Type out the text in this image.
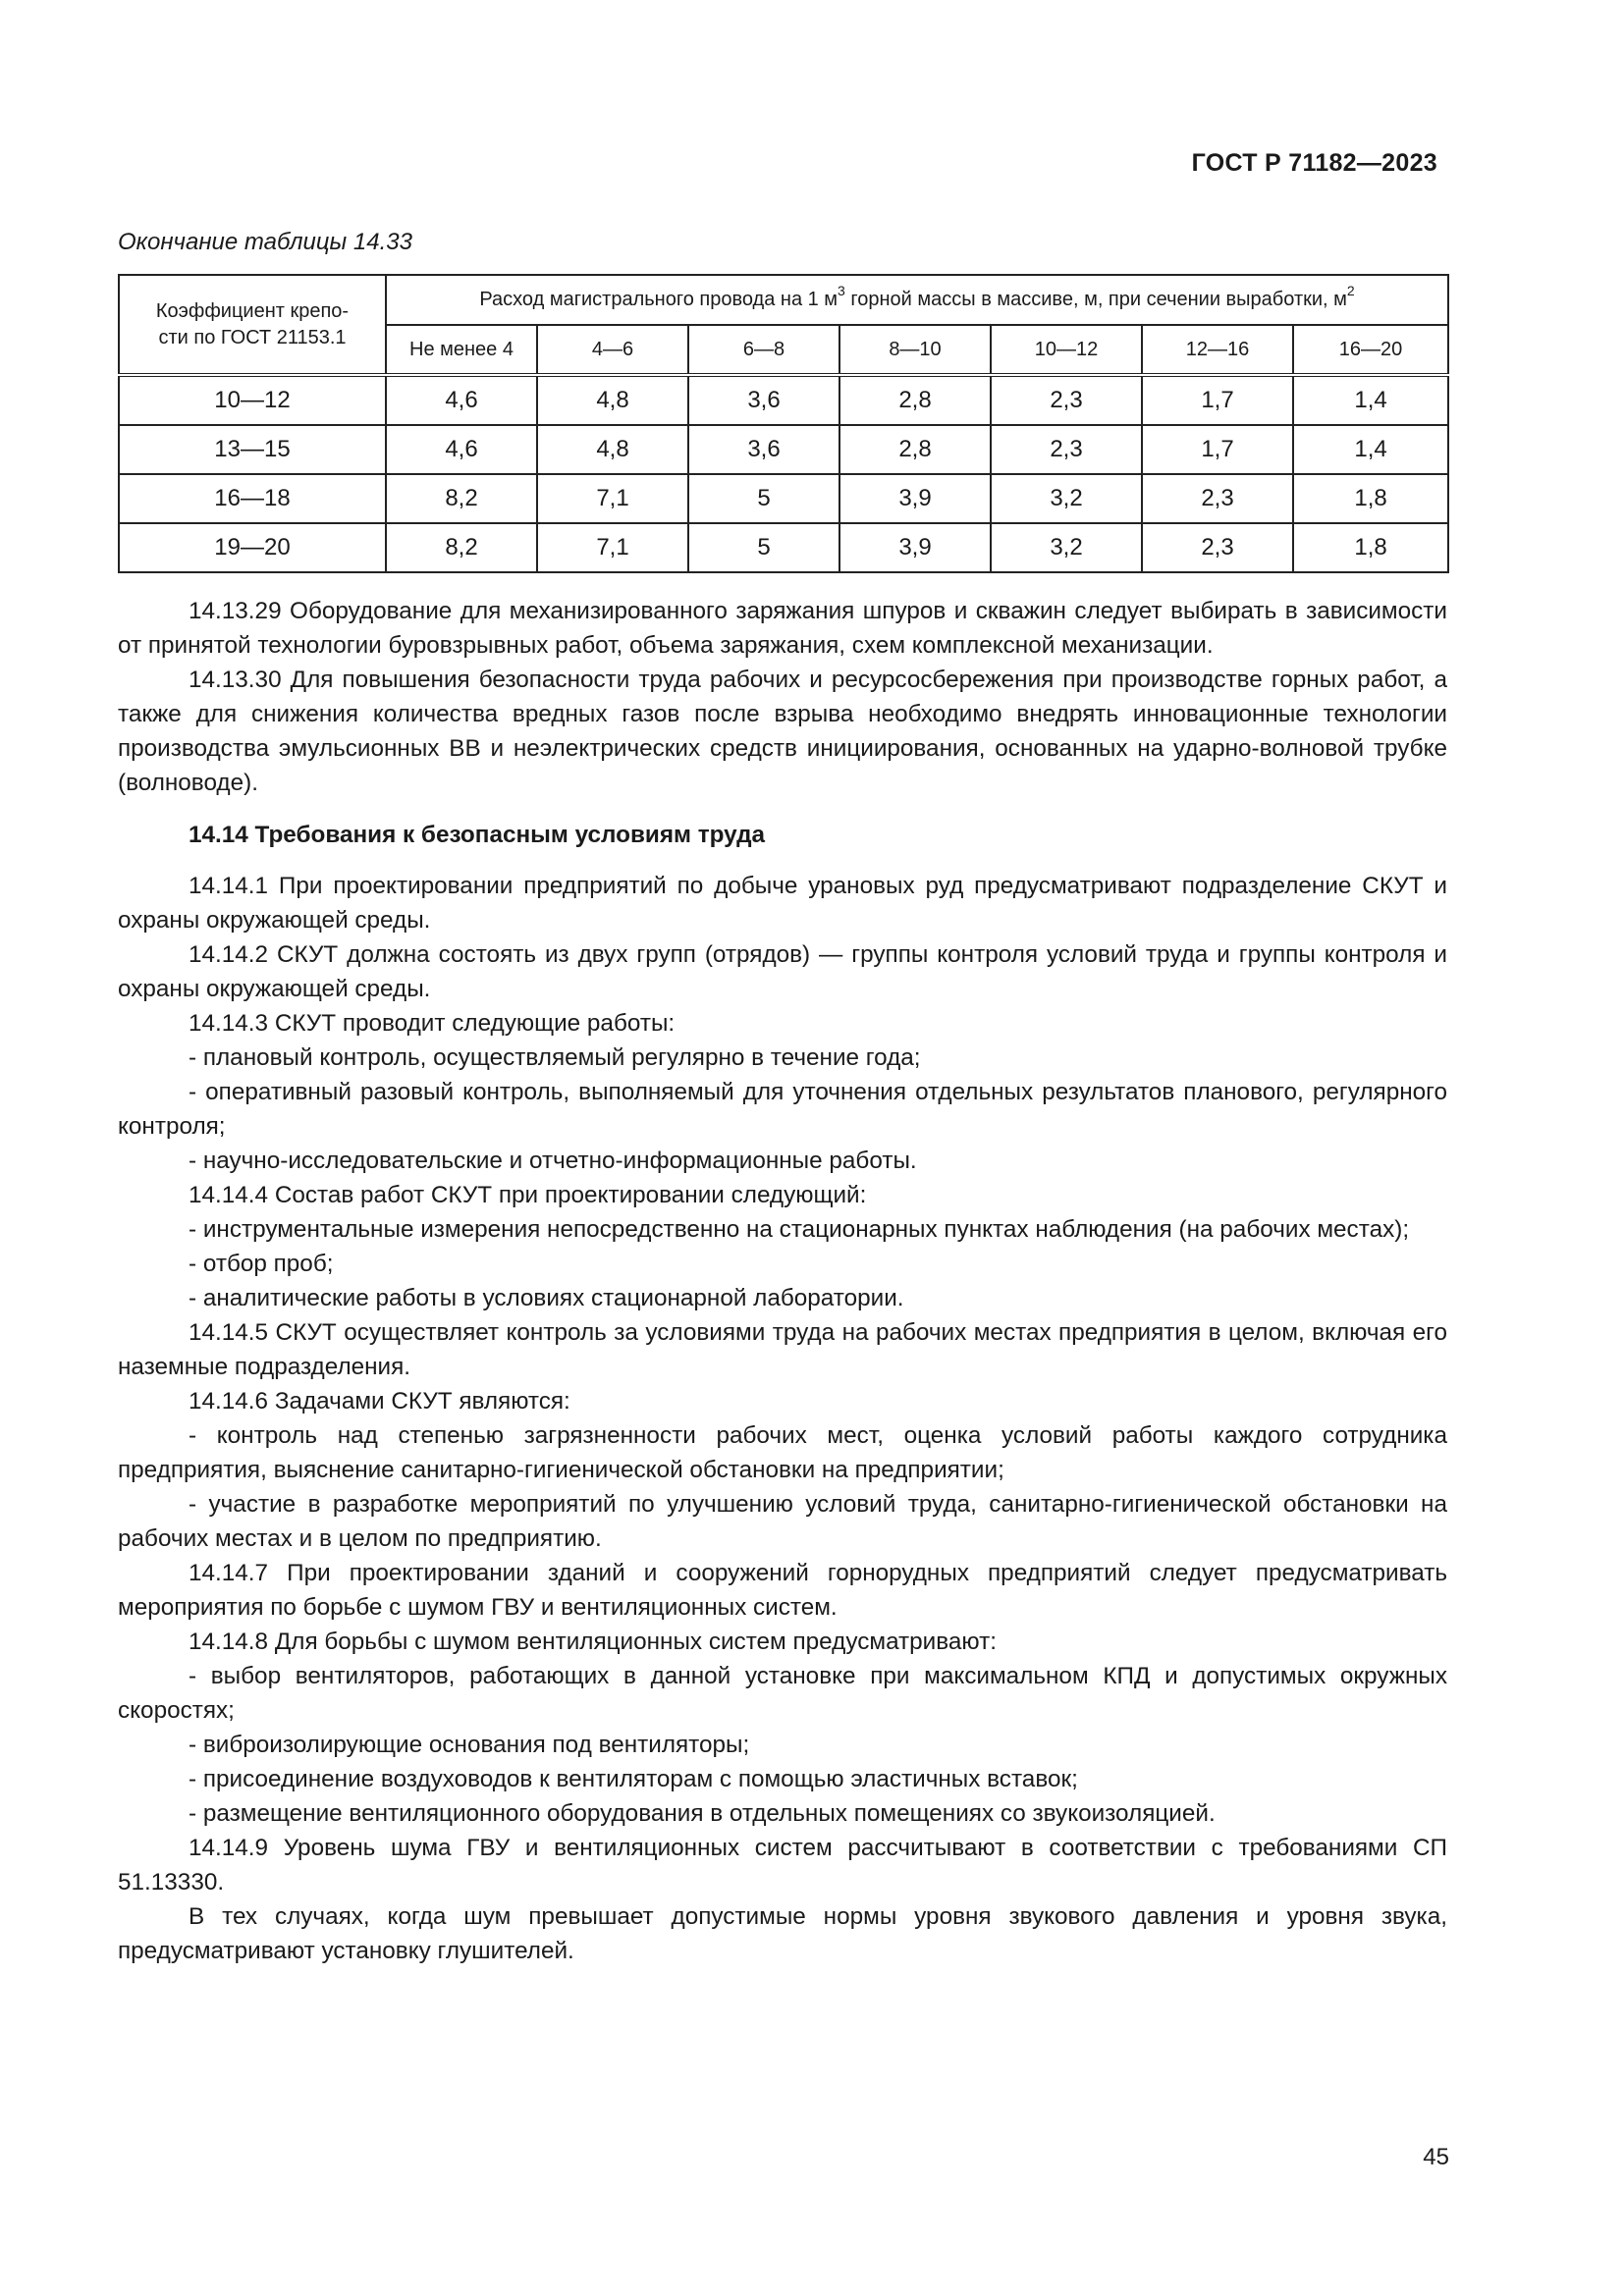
ГОСТ Р 71182—2023
Окончание таблицы 14.33
Коэффициент крепо-
сти по ГОСТ 21153.1	Расход магистрального провода на 1 $м^3$ горной массы в массиве, м, при сечении выработки, $м^2$
	Не менее 4	4—6	6—8	8—10	10—12	12—16	16—20
10—12	4,6	4,8	3,6	2,8	2,3	1,7	1,4
13—15	4,6	4,8	3,6	2,8	2,3	1,7	1,4
16—18	8,2	7,1	5	3,9	3,2	2,3	1,8
19—20	8,2	7,1	5	3,9	3,2	2,3	1,8

14.13.29 Оборудование для механизированного заряжания шпуров и скважин следует выбирать в зависимости от принятой технологии буровзрывных работ, объема заряжания, схем комплексной механизации.

14.13.30 Для повышения безопасности труда рабочих и ресурсосбережения при производстве горных работ, а также для снижения количества вредных газов после взрыва необходимо внедрять инновационные технологии производства эмульсионных ВВ и неэлектрических средств инициирования, основанных на ударно-волновой трубке (волноводе).

14.14 Требования к безопасным условиям труда

14.14.1 При проектировании предприятий по добыче урановых руд предусматривают подразделение СКУТ и охраны окружающей среды.

14.14.2 СКУТ должна состоять из двух групп (отрядов) — группы контроля условий труда и группы контроля и охраны окружающей среды.

14.14.3 СКУТ проводит следующие работы:

- плановый контроль, осуществляемый регулярно в течение года;

- оперативный разовый контроль, выполняемый для уточнения отдельных результатов планового, регулярного контроля;

- научно-исследовательские и отчетно-информационные работы.

14.14.4 Состав работ СКУТ при проектировании следующий:

- инструментальные измерения непосредственно на стационарных пунктах наблюдения (на рабочих местах);

- отбор проб;

- аналитические работы в условиях стационарной лаборатории.

14.14.5 СКУТ осуществляет контроль за условиями труда на рабочих местах предприятия в целом, включая его наземные подразделения.

14.14.6 Задачами СКУТ являются:

- контроль над степенью загрязненности рабочих мест, оценка условий работы каждого сотрудника предприятия, выяснение санитарно-гигиенической обстановки на предприятии;

- участие в разработке мероприятий по улучшению условий труда, санитарно-гигиенической обстановки на рабочих местах и в целом по предприятию.

14.14.7 При проектировании зданий и сооружений горнорудных предприятий следует предусматривать мероприятия по борьбе с шумом ГВУ и вентиляционных систем.

14.14.8 Для борьбы с шумом вентиляционных систем предусматривают:

- выбор вентиляторов, работающих в данной установке при максимальном КПД и допустимых окружных скоростях;

- виброизолирующие основания под вентиляторы;

- присоединение воздуховодов к вентиляторам с помощью эластичных вставок;

- размещение вентиляционного оборудования в отдельных помещениях со звукоизоляцией.

14.14.9 Уровень шума ГВУ и вентиляционных систем рассчитывают в соответствии с требованиями СП 51.13330.

В тех случаях, когда шум превышает допустимые нормы уровня звукового давления и уровня звука, предусматривают установку глушителей.

45
